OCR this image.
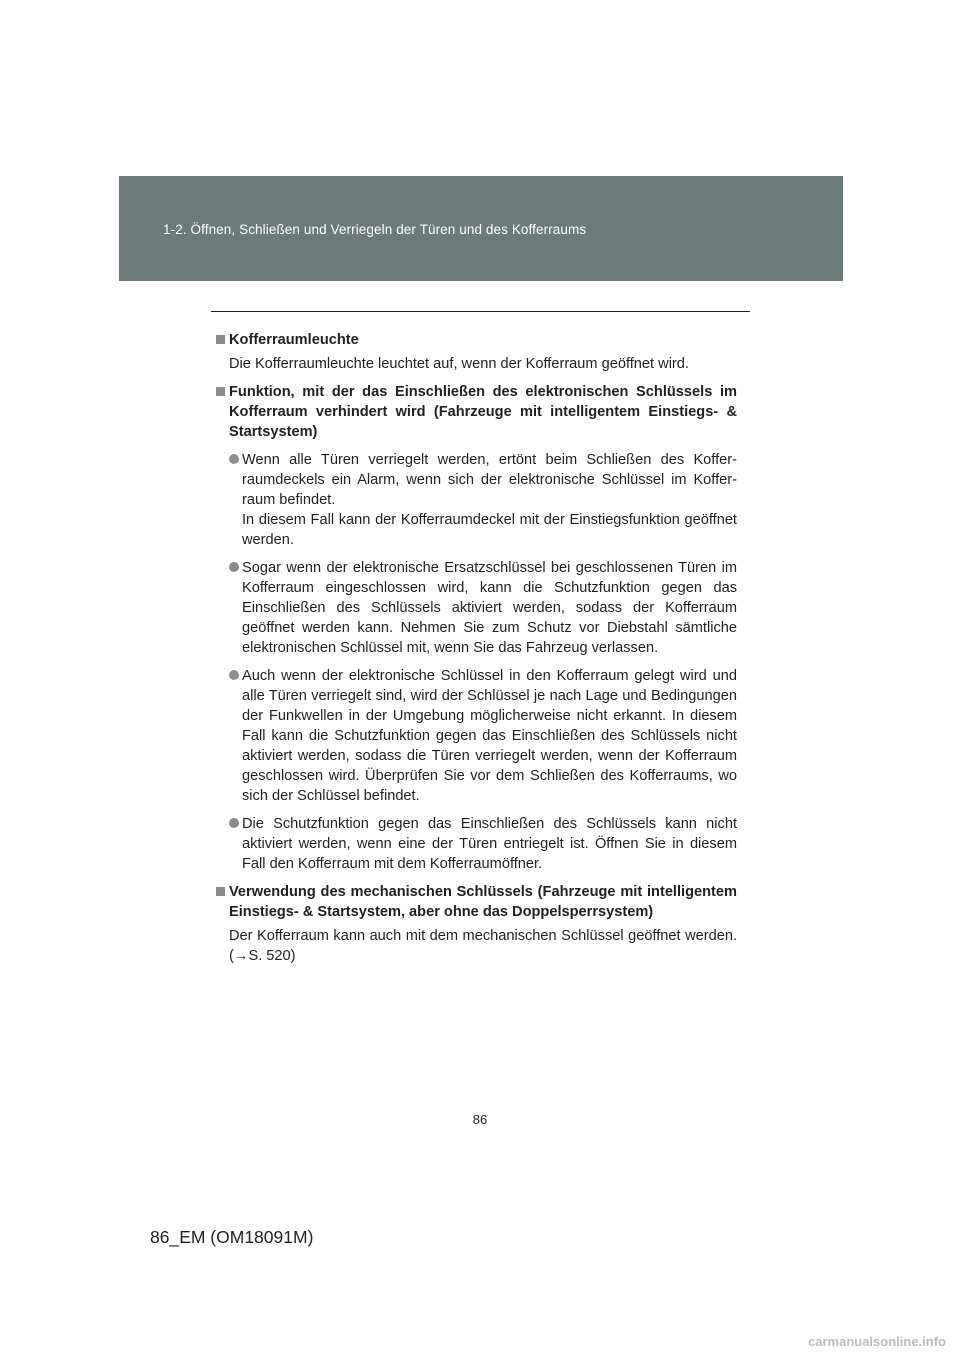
1-2. Öffnen, Schließen und Verriegeln der Türen und des Kofferraums
Kofferraumleuchte
Die Kofferraumleuchte leuchtet auf, wenn der Kofferraum geöffnet wird.
Funktion, mit der das Einschließen des elektronischen Schlüssels im Kofferraum verhindert wird (Fahrzeuge mit intelligentem Einstiegs- & Startsystem)

Wenn alle Türen verriegelt werden, ertönt beim Schließen des Kofferraumdeckels ein Alarm, wenn sich der elektronische Schlüssel im Kofferraum befindet.

In diesem Fall kann der Kofferraumdeckel mit der Einstiegsfunktion geöffnet werden.

Sogar wenn der elektronische Ersatzschlüssel bei geschlossenen Türen im Kofferraum eingeschlossen wird, kann die Schutzfunktion gegen das Einschließen des Schlüssels aktiviert werden, sodass der Kofferraum geöffnet werden kann. Nehmen Sie zum Schutz vor Diebstahl sämtliche elektronischen Schlüssel mit, wenn Sie das Fahrzeug verlassen.

Auch wenn der elektronische Schlüssel in den Kofferraum gelegt wird und alle Türen verriegelt sind, wird der Schlüssel je nach Lage und Bedingungen der Funkwellen in der Umgebung möglicherweise nicht erkannt. In diesem Fall kann die Schutzfunktion gegen das Einschließen des Schlüssels nicht aktiviert werden, sodass die Türen verriegelt werden, wenn der Kofferraum geschlossen wird. Überprüfen Sie vor dem Schließen des Kofferraums, wo sich der Schlüssel befindet.

Die Schutzfunktion gegen das Einschließen des Schlüssels kann nicht aktiviert werden, wenn eine der Türen entriegelt ist. Öffnen Sie in diesem Fall den Kofferraum mit dem Kofferraumöffner.

Verwendung des mechanischen Schlüssels (Fahrzeuge mit intelligentem Einstiegs- & Startsystem, aber ohne das Doppelsperrsystem)
Der Kofferraum kann auch mit dem mechanischen Schlüssel geöffnet werden. (→S. 520)
86
86_EM (OM18091M)
carmanualsonline.info
